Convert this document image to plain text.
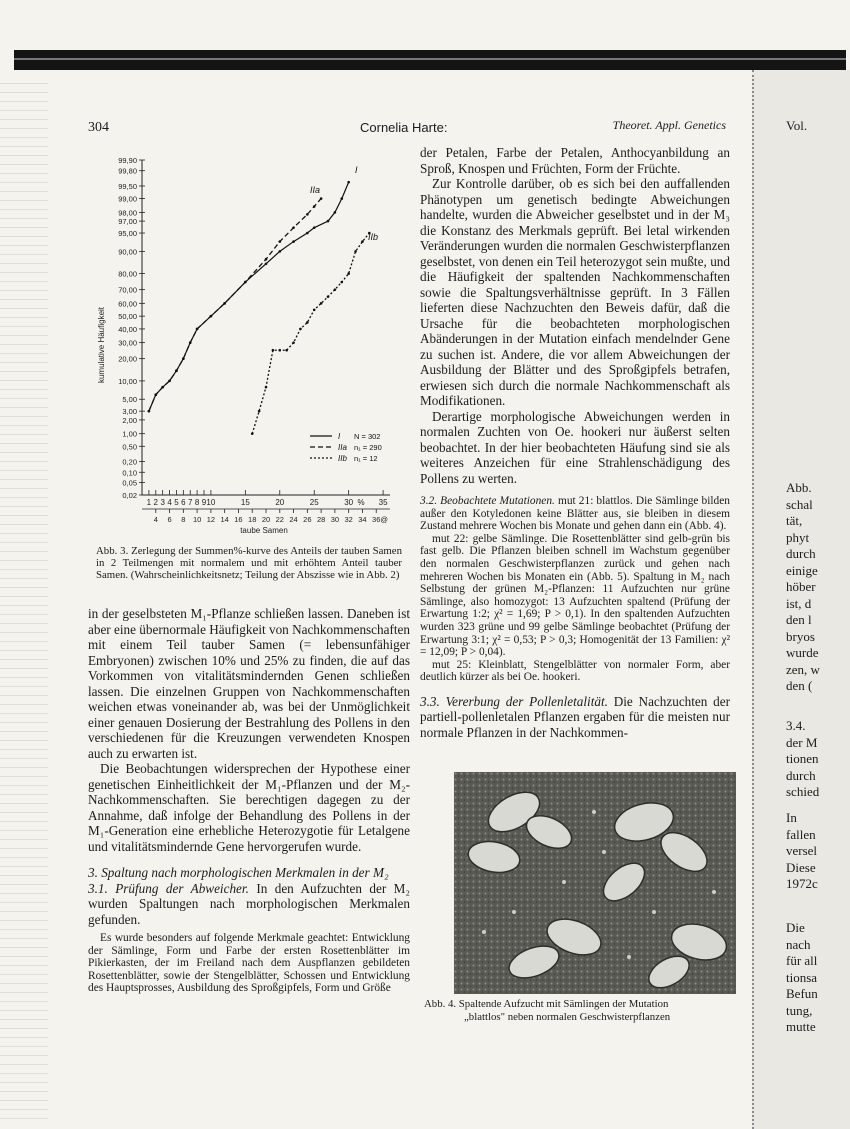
304	Cornelia Harte:	Theoret. Appl. Genetics	Vol.
99,90
99,80
99,50
99,00
98,00
97,00
95,00
90,00
80,00
70,00
60,00
50,00
40,00
30,00
20,00
10,00
5,00
3,00
2,00
1,00
0,50
0,20
0,10
0,05
0,02
kumulative Häufigkeit
I
IIa
IIb
1 2 3 4 5 6 7 8 9 10	15	20	25	30 % 35
4 6 8 10 12 14 16 18 20 22 24 26 28 30 32 34 36 @
taube Samen
I N = 302
IIa n₁ = 290
IIb n₁ = 12
Abb. 3. Zerlegung der Summen%-kurve des Anteils der tauben Samen in 2 Teilmengen mit normalem und mit erhöhtem Anteil tauber Samen. (Wahrscheinlichkeitsnetz; Teilung der Abszisse wie in Abb. 2)

in der geselbsteten M₁-Pflanze schließen lassen. Daneben ist aber eine übernormale Häufigkeit von Nachkommenschaften mit einem Teil tauber Samen (= lebensunfähiger Embryonen) zwischen 10% und 25% zu finden, die auf das Vorkommen von vitalitätsmindernden Genen schließen lassen. Die einzelnen Gruppen von Nachkommenschaften weichen etwas voneinander ab, was bei der Unmöglichkeit einer genauen Dosierung der Bestrahlung des Pollens in den verschiedenen für die Kreuzungen verwendeten Knospen auch zu erwarten ist.

Die Beobachtungen widersprechen der Hypothese einer genetischen Einheitlichkeit der M₁-Pflanzen und der M₂-Nachkommenschaften. Sie berechtigen dagegen zu der Annahme, daß infolge der Behandlung des Pollens in der M₁-Generation eine erhebliche Heterozygotie für Letalgene und vitalitätsmindernde Gene hervorgerufen wurde.

3. Spaltung nach morphologischen Merkmalen in der M₂

3.1. Prüfung der Abweicher. In den Aufzuchten der M₂ wurden Spaltungen nach morphologischen Merkmalen gefunden.

Es wurde besonders auf folgende Merkmale geachtet: Entwicklung der Sämlinge, Form und Farbe der ersten Rosettenblätter im Pikierkasten, der im Freiland nach dem Auspflanzen gebildeten Rosettenblätter, sowie der Stengelblätter, Schossen und Entwicklung des Hauptsprosses, Ausbildung des Sproßgipfels, Form und Größe

der Petalen, Farbe der Petalen, Anthocyanbildung an Sproß, Knospen und Früchten, Form der Früchte.

Zur Kontrolle darüber, ob es sich bei den auffallenden Phänotypen um genetisch bedingte Abweichungen handelte, wurden die Abweicher geselbstet und in der M₃ die Konstanz des Merkmals geprüft. Bei letal wirkenden Veränderungen wurden die normalen Geschwisterpflanzen geselbstet, von denen ein Teil heterozygot sein mußte, und die Häufigkeit der spaltenden Nachkommenschaften sowie die Spaltungsverhältnisse geprüft. In 3 Fällen lieferten diese Nachzuchten den Beweis dafür, daß die Ursache für die beobachteten morphologischen Abänderungen in der Mutation einfach mendelnder Gene zu suchen ist. Andere, die vor allem Abweichungen der Ausbildung der Blätter und des Sproßgipfels betrafen, erwiesen sich durch die normale Nachkommenschaft als Modifikationen.

Derartige morphologische Abweichungen werden in normalen Zuchten von Oe. hookeri nur äußerst selten beobachtet. In der hier beobachteten Häufung sind sie als weiteres Anzeichen für eine Strahlenschädigung des Pollens zu werten.

3.2. Beobachtete Mutationen. mut 21: blattlos. Die Sämlinge bilden außer den Kotyledonen keine Blätter aus, sie bleiben in diesem Zustand mehrere Wochen bis Monate und gehen dann ein (Abb. 4).

mut 22: gelbe Sämlinge. Die Rosettenblätter sind gelb-grün bis fast gelb. Die Pflanzen bleiben schnell im Wachstum gegenüber den normalen Geschwisterpflanzen zurück und gehen nach mehreren Wochen bis Monaten ein (Abb. 5). Spaltung in M₂ nach Selbstung der grünen M₂-Pflanzen: 11 Aufzuchten nur grüne Sämlinge, also homozygot: 13 Aufzuchten spaltend (Prüfung der Erwartung 1:2; χ² = 1,69; P > 0,1). In den spaltenden Aufzuchten wurden 323 grüne und 99 gelbe Sämlinge beobachtet (Prüfung der Erwartung 3:1; χ² = 0,53; P > 0,3; Homogenität der 13 Familien: χ² = 12,09; P > 0,04).

mut 25: Kleinblatt, Stengelblätter von normaler Form, aber deutlich kürzer als bei Oe. hookeri.

3.3. Vererbung der Pollenletalität. Die Nachzuchten der partiell-pollenletalen Pflanzen ergaben für die meisten nur normale Pflanzen in der Nachkommen-

Abb. 4. Spaltende Aufzucht mit Sämlingen der Mutation
„blattlos" neben normalen Geschwisterpflanzen
Abb.
schal
tät,
phyt
durch
einige
höber
ist, d
den l
bryos
wurde
zen, w
den (
3.4.
der M
tionen
durch
schied
In
fallen
versel
Diese
1972c
Die
nach
für all
tionsa
Befun
tung,
mutte
